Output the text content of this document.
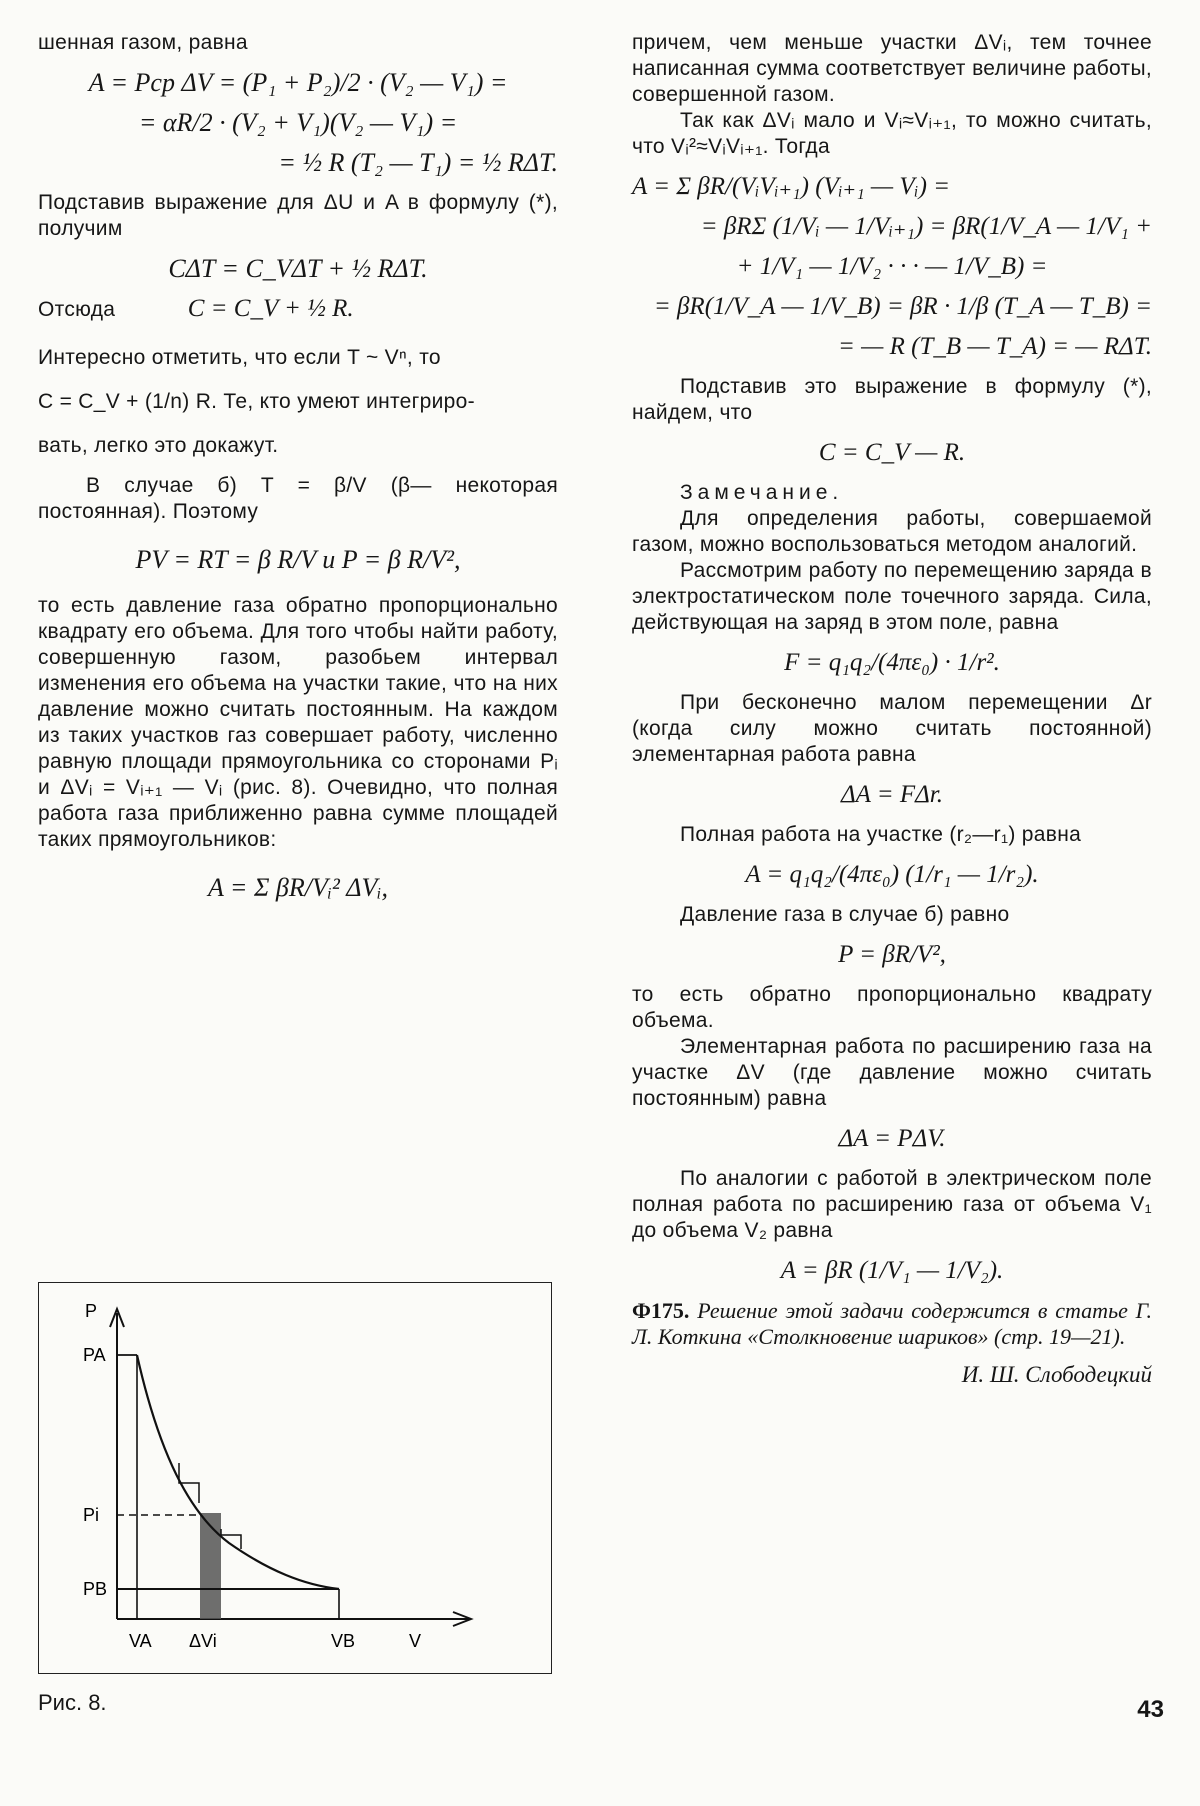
шенная газом, равна

A = Pср ΔV = (P₁ + P₂)/2 · (V₂ — V₁) =
= αR/2 · (V₂ + V₁)(V₂ — V₁) =
= ½ R (T₂ — T₁) = ½ RΔT.

Подставив выражение для ΔU и A в формулу (*), получим

CΔT = C_VΔT + ½ RΔT.
Отсюда	C = C_V + ½ R.

Интересно отметить, что если T ~ Vⁿ, то

C = C_V + (1/n) R. Те, кто умеют интегриро-

вать, легко это докажут.

В случае б) T = β/V (β— некоторая постоянная). Поэтому

PV = RT = β R/V и P = β R/V²,

то есть давление газа обратно пропорционально квадрату его объема. Для того чтобы найти работу, совершенную газом, разобьем интервал изменения его объема на участки такие, что на них давление можно считать постоянным. На каждом из таких участков газ совершает работу, численно равную площади прямоугольника со сторонами Pᵢ и ΔVᵢ = Vᵢ₊₁ — Vᵢ (рис. 8). Очевидно, что полная работа газа приближенно равна сумме площадей таких прямоугольников:

A = Σ βR/Vᵢ² ΔVᵢ,
P
PA
Pi
PB
VA ΔVi	VB	V
Рис. 8.

причем, чем меньше участки ΔVᵢ, тем точнее написанная сумма соответствует величине работы, совершенной газом.

Так как ΔVᵢ мало и Vᵢ≈Vᵢ₊₁, то можно считать, что Vᵢ²≈VᵢVᵢ₊₁. Тогда

A = Σ βR/(VᵢVᵢ₊₁) (Vᵢ₊₁ — Vᵢ) =
= βRΣ (1/Vᵢ — 1/Vᵢ₊₁) = βR(1/V_A — 1/V₁ +
+ 1/V₁ — 1/V₂ · · · — 1/V_B) =
= βR(1/V_A — 1/V_B) = βR · 1/β (T_A — T_B) =
= — R (T_B — T_A) = — RΔT.

Подставив это выражение в формулу (*), найдем, что

C = C_V — R.

Замечание.

Для определения работы, совершаемой газом, можно воспользоваться методом аналогий.

Рассмотрим работу по перемещению заряда в электростатическом поле точечного заряда. Сила, действующая на заряд в этом поле, равна

F = q₁q₂/(4πε₀) · 1/r².

При бесконечно малом перемещении Δr (когда силу можно считать постоянной) элементарная работа равна

ΔA = FΔr.

Полная работа на участке (r₂—r₁) равна

A = q₁q₂/(4πε₀) (1/r₁ — 1/r₂).

Давление газа в случае б) равно

P = βR/V²,

то есть обратно пропорционально квадрату объема.

Элементарная работа по расширению газа на участке ΔV (где давление можно считать постоянным) равна

ΔA = PΔV.

По аналогии с работой в электрическом поле полная работа по расширению газа от объема V₁ до объема V₂ равна

A = βR (1/V₁ — 1/V₂).

Ф175. Решение этой задачи содержится в статье Г. Л. Коткина «Столкновение шариков» (стр. 19—21).

И. Ш. Слободецкий
43
